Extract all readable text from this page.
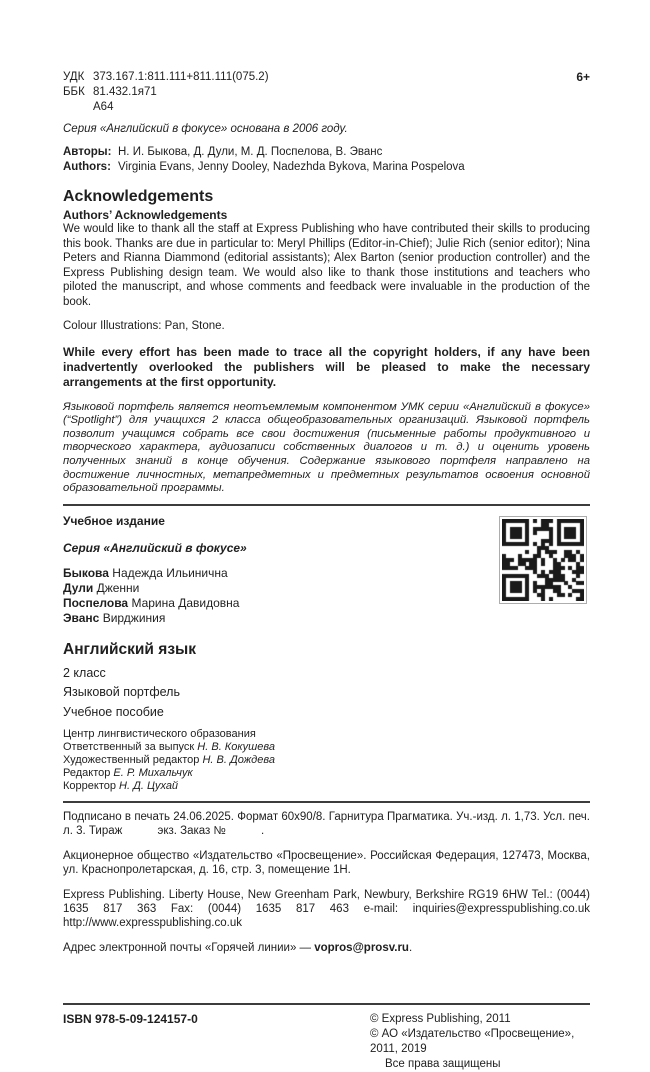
УДК 373.167.1:811.111+811.111(075.2)
ББК 81.432.1я71
А64
6+
Серия «Английский в фокусе» основана в 2006 году.
Авторы: Н. И. Быкова, Д. Дули, М. Д. Поспелова, В. Эванс
Authors: Virginia Evans, Jenny Dooley, Nadezhda Bykova, Marina Pospelova
Acknowledgements
Authors’ Acknowledgements
We would like to thank all the staff at Express Publishing who have contributed their skills to producing this book. Thanks are due in particular to: Meryl Phillips (Editor-in-Chief); Julie Rich (senior editor); Nina Peters and Rianna Diammond (editorial assistants); Alex Barton (senior production controller) and the Express Publishing design team. We would also like to thank those institutions and teachers who piloted the manuscript, and whose comments and feedback were invaluable in the production of the book.
Colour Illustrations: Pan, Stone.
While every effort has been made to trace all the copyright holders, if any have been inadvertently overlooked the publishers will be pleased to make the necessary arrangements at the first opportunity.
Языковой портфель является неотъемлемым компонентом УМК серии «Английский в фокусе» (“Spotlight”) для учащихся 2 класса общеобразовательных организаций. Языковой портфель позволит учащимся собрать все свои достижения (письменные работы продуктивного и творческого характера, аудиозаписи собственных диалогов и т. д.) и оценить уровень полученных знаний в конце обучения. Содержание языкового портфеля направлено на достижение личностных, метапредметных и предметных результатов освоения основной образовательной программы.
Учебное издание
Серия «Английский в фокусе»
Быкова Надежда Ильинична
Дули Дженни
Поспелова Марина Давидовна
Эванс Вирджиния
Английский язык
2 класс
Языковой портфель
Учебное пособие
Центр лингвистического образования
Ответственный за выпуск Н. В. Кокушева
Художественный редактор Н. В. Дождева
Редактор Е. Р. Михальчук
Корректор Н. Д. Цухай
Подписано в печать 24.06.2025. Формат 60х90/8. Гарнитура Прагматика. Уч.-изд. л. 1,73. Усл. печ. л. 3. Тираж           экз. Заказ №           .
Акционерное общество «Издательство «Просвещение». Российская Федерация, 127473, Москва, ул. Краснопролетарская, д. 16, стр. 3, помещение 1Н.
Express Publishing. Liberty House, New Greenham Park, Newbury, Berkshire RG19 6HW Tel.: (0044) 1635 817 363 Fax: (0044) 1635 817 463 e-mail: inquiries@expresspublishing.co.uk http://www.expresspublishing.co.uk
Адрес электронной почты «Горячей линии» — vopros@prosv.ru.
ISBN 978-5-09-124157-0	© Express Publishing, 2011
© АО «Издательство «Просвещение», 2011, 2019
Все права защищены
